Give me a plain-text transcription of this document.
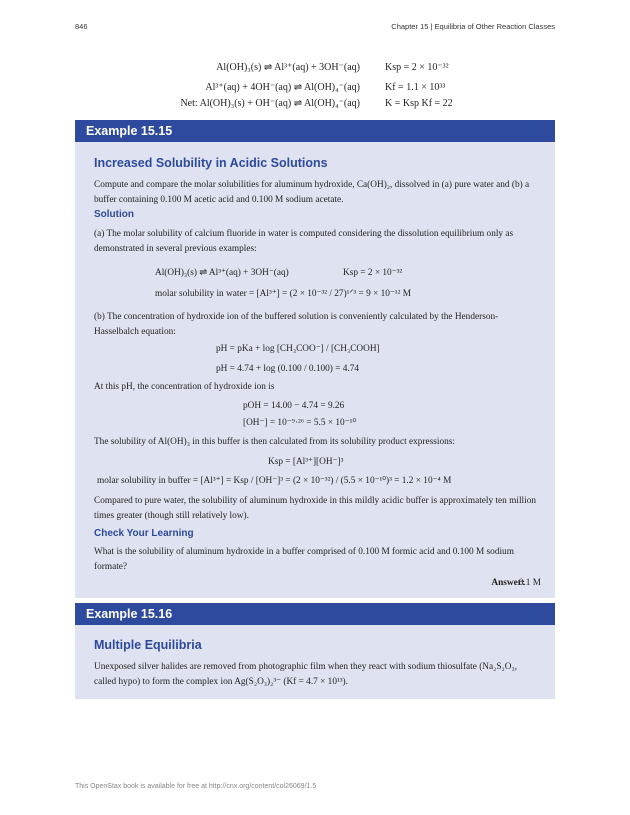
846	Chapter 15 | Equilibria of Other Reaction Classes
Al(OH)₃(s) ⇌ Al³⁺(aq) + 3OH⁻(aq)	Ksp = 2 × 10⁻³²
Al³⁺(aq) + 4OH⁻(aq) ⇌ Al(OH)₄⁻(aq)	Kf = 1.1 × 10³³
Net: Al(OH)₃(s) + OH⁻(aq) ⇌ Al(OH)₄⁻(aq)	K = Ksp Kf = 22
Example 15.15
Increased Solubility in Acidic Solutions
Compute and compare the molar solubilities for aluminum hydroxide, Ca(OH)₂, dissolved in (a) pure water and (b) a buffer containing 0.100 M acetic acid and 0.100 M sodium acetate.
Solution
(a) The molar solubility of calcium fluoride in water is computed considering the dissolution equilibrium only as demonstrated in several previous examples:
Al(OH)₃(s) ⇌ Al³⁺(aq) + 3OH⁻(aq)	Ksp = 2 × 10⁻³²
molar solubility in water = [Al³⁺] = (2 × 10⁻³² / 27)¹ᐟ³ = 9 × 10⁻¹² M
(b) The concentration of hydroxide ion of the buffered solution is conveniently calculated by the Henderson-Hasselbalch equation:
pH = pKa + log [CH₃COO⁻] / [CH₃COOH]
pH = 4.74 + log (0.100 / 0.100) = 4.74
At this pH, the concentration of hydroxide ion is
pOH = 14.00 − 4.74 = 9.26
[OH⁻] = 10⁻⁹·²⁶ = 5.5 × 10⁻¹⁰
The solubility of Al(OH)₃ in this buffer is then calculated from its solubility product expressions:
Ksp = [Al³⁺][OH⁻]³
molar solubility in buffer = [Al³⁺] = Ksp / [OH⁻]³ = (2 × 10⁻³²) / (5.5 × 10⁻¹⁰)³ = 1.2 × 10⁻⁴ M
Compared to pure water, the solubility of aluminum hydroxide in this mildly acidic buffer is approximately ten million times greater (though still relatively low).
Check Your Learning
What is the solubility of aluminum hydroxide in a buffer comprised of 0.100 M formic acid and 0.100 M sodium formate?
Answer:
0.1 M
Example 15.16
Multiple Equilibria
Unexposed silver halides are removed from photographic film when they react with sodium thiosulfate (Na₂S₂O₃, called hypo) to form the complex ion Ag(S₂O₃)₂³⁻ (Kf = 4.7 × 10¹³).
This OpenStax book is available for free at http://cnx.org/content/col26069/1.5
